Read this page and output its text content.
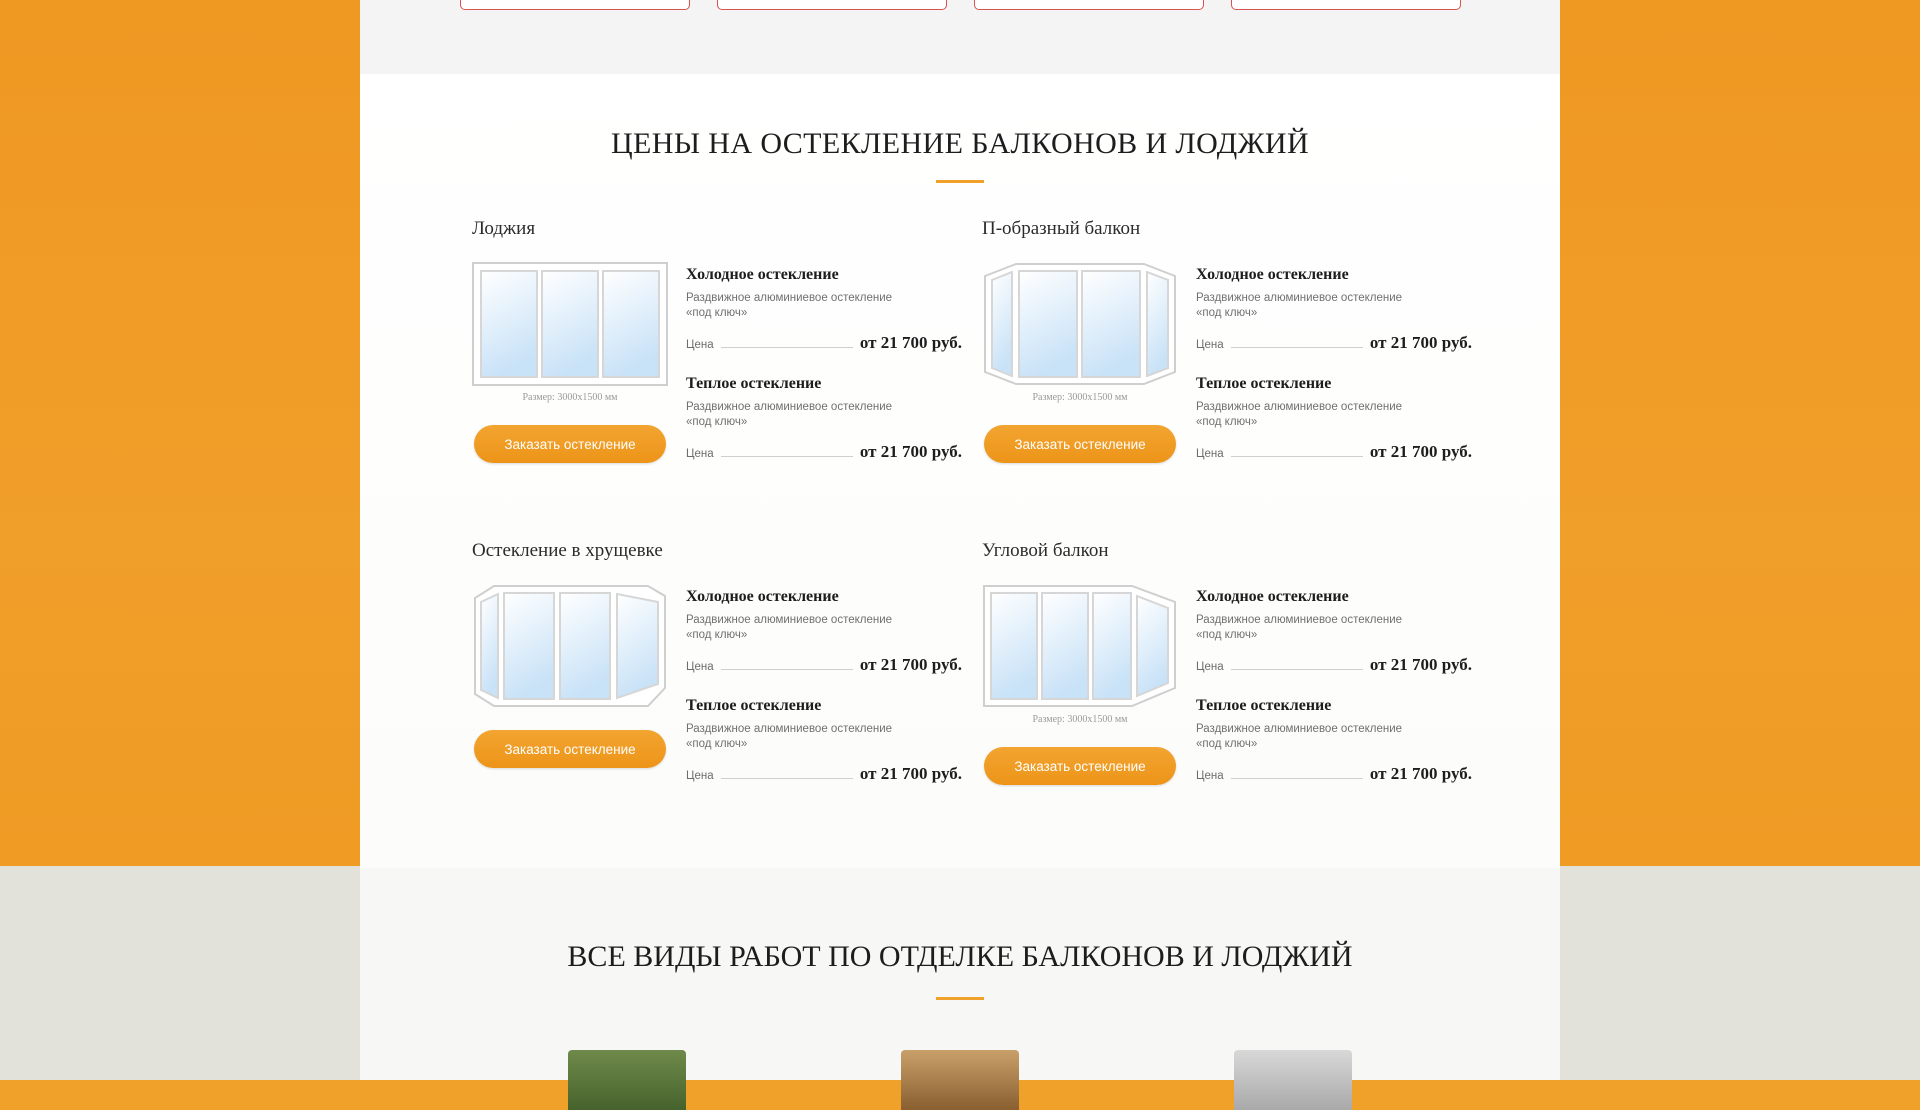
ЦЕНЫ НА ОСТЕКЛЕНИЕ БАЛКОНОВ И ЛОДЖИЙ
Лоджия
Размер: 3000х1500 мм
Заказать остекление

Холодное остекление

Раздвижное алюминиевое остекление «под ключ»

Цена	от 21 700 руб.

Теплое остекление

Раздвижное алюминиевое остекление «под ключ»

Цена	от 21 700 руб.
П-образный балкон
Размер: 3000х1500 мм
Заказать остекление

Холодное остекление

Раздвижное алюминиевое остекление «под ключ»

Цена	от 21 700 руб.

Теплое остекление

Раздвижное алюминиевое остекление «под ключ»

Цена	от 21 700 руб.
Остекление в хрущевке
Заказать остекление

Холодное остекление

Раздвижное алюминиевое остекление «под ключ»

Цена	от 21 700 руб.

Теплое остекление

Раздвижное алюминиевое остекление «под ключ»

Цена	от 21 700 руб.
Угловой балкон
Размер: 3000х1500 мм
Заказать остекление

Холодное остекление

Раздвижное алюминиевое остекление «под ключ»

Цена	от 21 700 руб.

Теплое остекление

Раздвижное алюминиевое остекление «под ключ»

Цена	от 21 700 руб.
ВСЕ ВИДЫ РАБОТ ПО ОТДЕЛКЕ БАЛКОНОВ И ЛОДЖИЙ
